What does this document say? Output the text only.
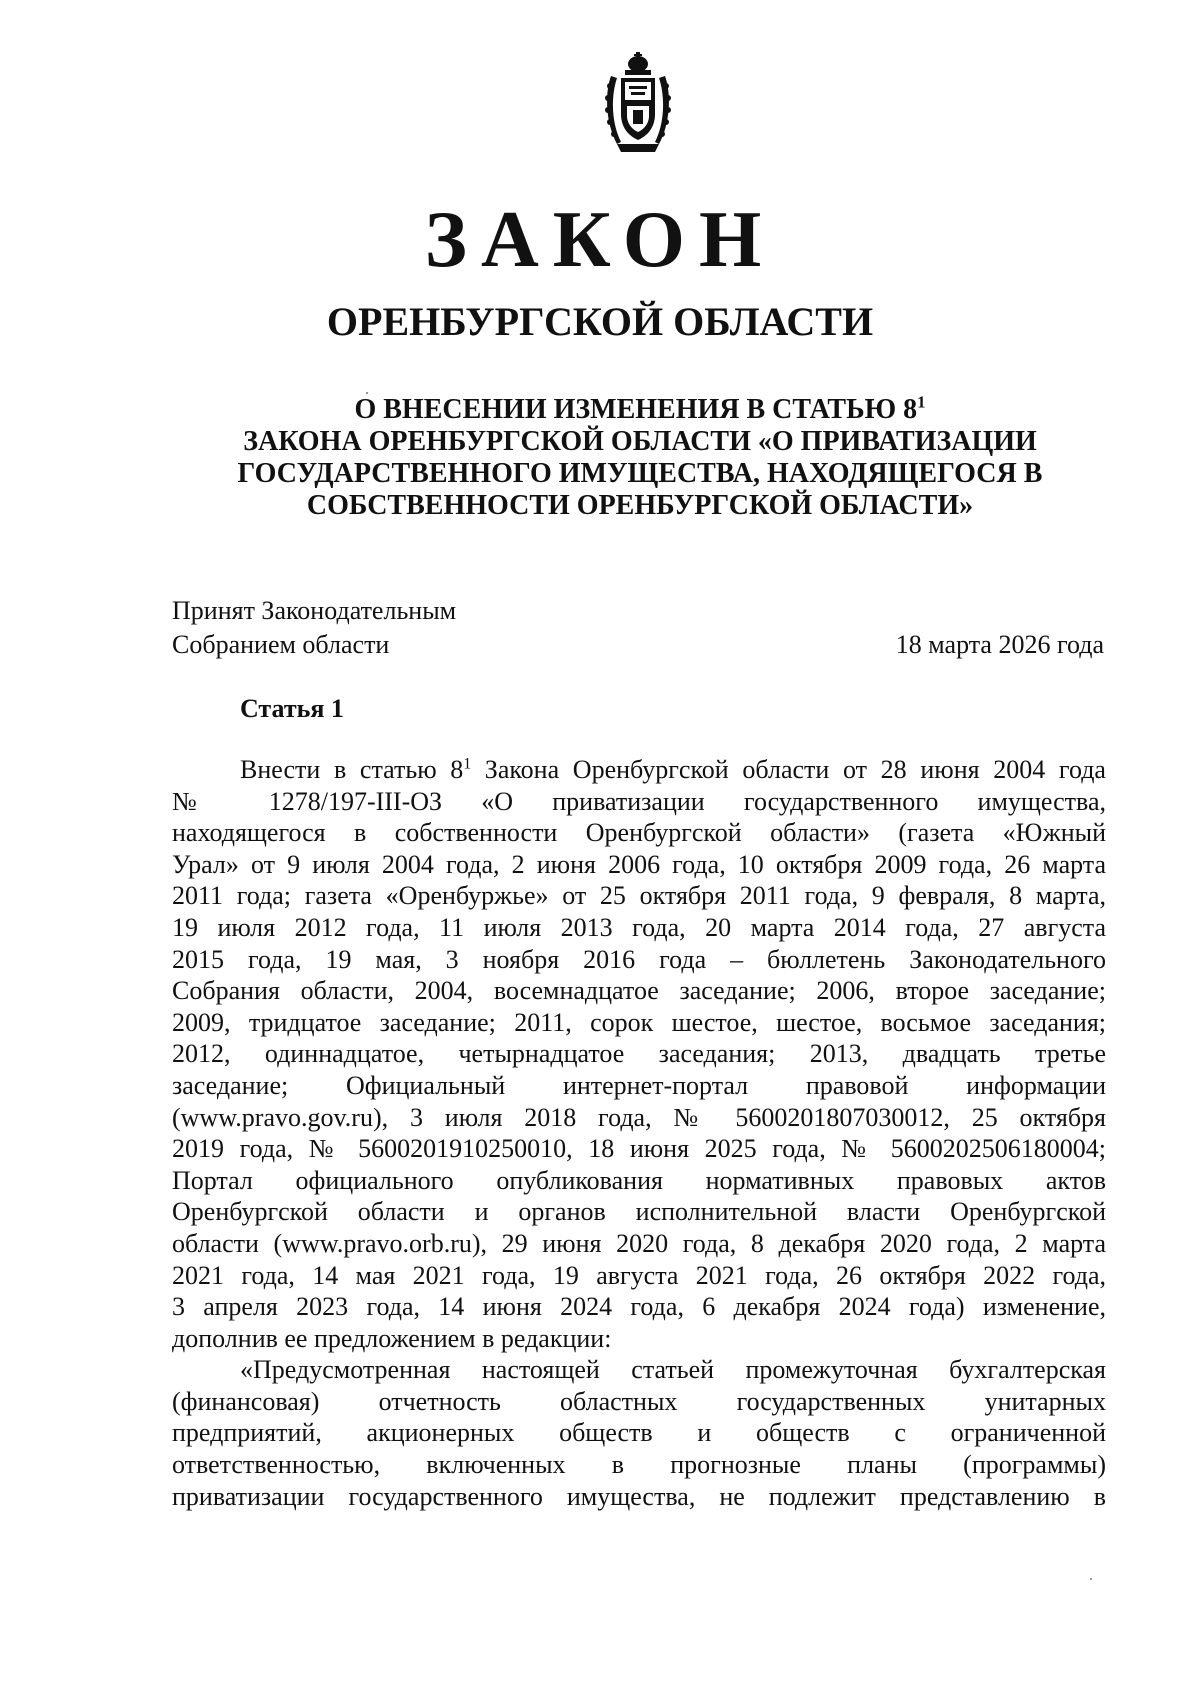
ЗАКОН
ОРЕНБУРГСКОЙ ОБЛАСТИ
О ВНЕСЕНИИ ИЗМЕНЕНИЯ В СТАТЬЮ $8^1$
ЗАКОНА ОРЕНБУРГСКОЙ ОБЛАСТИ «О ПРИВАТИЗАЦИИ
ГОСУДАРСТВЕННОГО ИМУЩЕСТВА, НАХОДЯЩЕГОСЯ В
СОБСТВЕННОСТИ ОРЕНБУРГСКОЙ ОБЛАСТИ»
Принят Законодательным
Собранием области	18 марта 2026 года
Статья 1
Внести в статью $8^1$ Закона Оренбургской области от 28 июня 2004 года
№ 1278/197-III-ОЗ «О приватизации государственного имущества,
находящегося в собственности Оренбургской области» (газета «Южный
Урал» от 9 июля 2004 года, 2 июня 2006 года, 10 октября 2009 года, 26 марта
2011 года; газета «Оренбуржье» от 25 октября 2011 года, 9 февраля, 8 марта,
19 июля 2012 года, 11 июля 2013 года, 20 марта 2014 года, 27 августа
2015 года, 19 мая, 3 ноября 2016 года – бюллетень Законодательного
Собрания области, 2004, восемнадцатое заседание; 2006, второе заседание;
2009, тридцатое заседание; 2011, сорок шестое, шестое, восьмое заседания;
2012, одиннадцатое, четырнадцатое заседания; 2013, двадцать третье
заседание; Официальный интернет-портал правовой информации
(www.pravo.gov.ru), 3 июля 2018 года, № 5600201807030012, 25 октября
2019 года, № 5600201910250010, 18 июня 2025 года, № 5600202506180004;
Портал официального опубликования нормативных правовых актов
Оренбургской области и органов исполнительной власти Оренбургской
области (www.pravo.orb.ru), 29 июня 2020 года, 8 декабря 2020 года, 2 марта
2021 года, 14 мая 2021 года, 19 августа 2021 года, 26 октября 2022 года,
3 апреля 2023 года, 14 июня 2024 года, 6 декабря 2024 года) изменение,
дополнив ее предложением в редакции:
«Предусмотренная настоящей статьей промежуточная бухгалтерская
(финансовая) отчетность областных государственных унитарных
предприятий, акционерных обществ и обществ с ограниченной
ответственностью, включенных в прогнозные планы (программы)
приватизации государственного имущества, не подлежит представлению в
